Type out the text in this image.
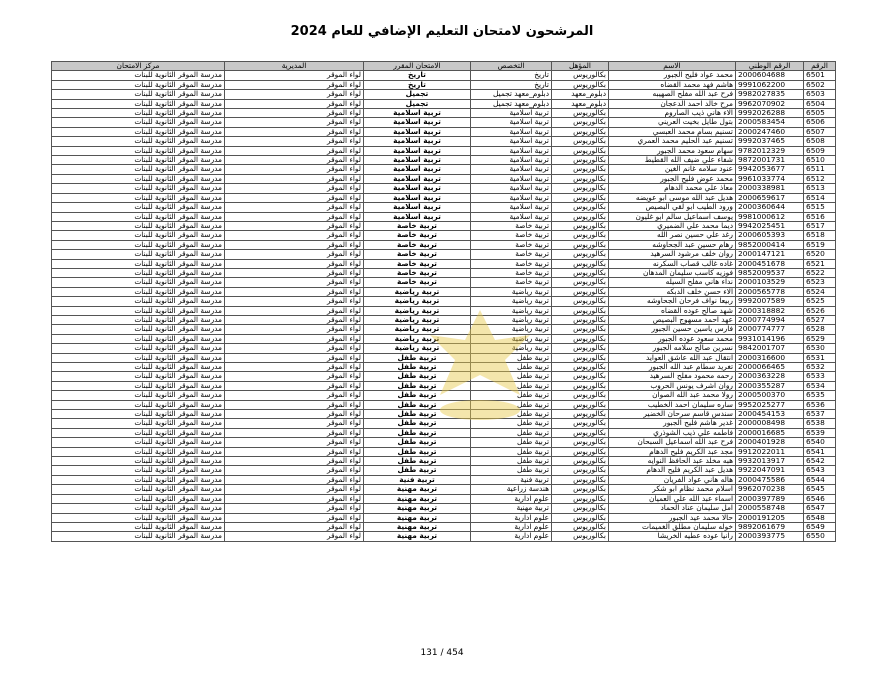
المرشحون لامتحان التعليم الإضافي للعام 2024
الرقم	الرقم الوطني	الاسم	المؤهل	التخصص	الامتحان المقرر	المديرية	مركز الامتحان
6501	2000604688	محمد عواد فليح الجبور	بكالوريوس	تاريخ	تاريخ	لواء الموقر	مدرسة الموقر الثانوية للبنات
6502	9991062200	هاشم فهد محمد القضاه	بكالوريوس	تاريخ	تاريخ	لواء الموقر	مدرسة الموقر الثانوية للبنات
6503	9982027835	فرح عبد الله مفلح الصهيبه	دبلوم_معهد	دبلوم_معهد تجميل	تجميل	لواء الموقر	مدرسة الموقر الثانوية للبنات
6504	9962070902	مرح خالد احمد الدعجان	دبلوم_معهد	دبلوم_معهد تجميل	تجميل	لواء الموقر	مدرسة الموقر الثانوية للبنات
6505	9992026288	الاء هاني ذيب الصاروم	بكالوريوس	تربية اسلامية	تربية اسلامية	لواء الموقر	مدرسة الموقر الثانوية للبنات
6506	2000583454	بتول طايل بخيت العريني	بكالوريوس	تربية اسلامية	تربية اسلامية	لواء الموقر	مدرسة الموقر الثانوية للبنات
6507	2000247460	تسنيم بسام محمد العبسي	بكالوريوس	تربية اسلامية	تربية اسلامية	لواء الموقر	مدرسة الموقر الثانوية للبنات
6508	9992037465	تسنيم عبد الحليم محمد العمري	بكالوريوس	تربية اسلامية	تربية اسلامية	لواء الموقر	مدرسة الموقر الثانوية للبنات
6509	9782012329	سهام سعود محمد الجبور	بكالوريوس	تربية اسلامية	تربية اسلامية	لواء الموقر	مدرسة الموقر الثانوية للبنات
6510	9872001731	شفاء علي ضيف الله القطيط	بكالوريوس	تربية اسلامية	تربية اسلامية	لواء الموقر	مدرسة الموقر الثانوية للبنات
6511	9942053677	عنود سلامه غانم الغين	بكالوريوس	تربية اسلامية	تربية اسلامية	لواء الموقر	مدرسة الموقر الثانوية للبنات
6512	9961033774	محمد عوض فليح الجبور	بكالوريوس	تربية اسلامية	تربية اسلامية	لواء الموقر	مدرسة الموقر الثانوية للبنات
6513	2000338981	معاذ علي محمد الدهام	بكالوريوس	تربية اسلامية	تربية اسلامية	لواء الموقر	مدرسة الموقر الثانوية للبنات
6514	2000659617	هديل عبد الله موسى ابو عويضه	بكالوريوس	تربية اسلامية	تربية اسلامية	لواء الموقر	مدرسة الموقر الثانوية للبنات
6515	2000360644	ورود الطيب ابو لقي البصيص	بكالوريوس	تربية اسلامية	تربية اسلامية	لواء الموقر	مدرسة الموقر الثانوية للبنات
6516	9981000612	يوسف اسماعيل سالم ابو غليون	بكالوريوس	تربية اسلامية	تربية اسلامية	لواء الموقر	مدرسة الموقر الثانوية للبنات
6517	9942025451	ديما محمد علي الضميري	بكالوريوس	تربية خاصة	تربية خاصة	لواء الموقر	مدرسة الموقر الثانوية للبنات
6518	2000605393	رغد علي حسين نصر الله	بكالوريوس	تربية خاصة	تربية خاصة	لواء الموقر	مدرسة الموقر الثانوية للبنات
6519	9852000414	رهام حسين عبد الجحاوشه	بكالوريوس	تربية خاصة	تربية خاصة	لواء الموقر	مدرسة الموقر الثانوية للبنات
6520	2000147121	روان خلف مرشود السرهيد	بكالوريوس	تربية خاصة	تربية خاصة	لواء الموقر	مدرسة الموقر الثانوية للبنات
6521	2000451678	غاده غالب قصاب السكرنه	بكالوريوس	تربية خاصة	تربية خاصة	لواء الموقر	مدرسة الموقر الثانوية للبنات
6522	9852009537	فوزيه كاسب سليمان المدهان	بكالوريوس	تربية خاصة	تربية خاصة	لواء الموقر	مدرسة الموقر الثانوية للبنات
6523	2000103529	نداء هاني مفلح السيله	بكالوريوس	تربية خاصة	تربية خاصة	لواء الموقر	مدرسة الموقر الثانوية للبنات
6524	2000565778	الاء حسن خلف الدبكه	بكالوريوس	تربية رياضية	تربية رياضية	لواء الموقر	مدرسة الموقر الثانوية للبنات
6525	9992007589	ربيعا نواف فرحان الجحاوشه	بكالوريوس	تربية رياضية	تربية رياضية	لواء الموقر	مدرسة الموقر الثانوية للبنات
6526	2000318882	شهد صالح عوده القضاه	بكالوريوس	تربية رياضية	تربية رياضية	لواء الموقر	مدرسة الموقر الثانوية للبنات
6527	2000774994	عهد احمد مسهوج البصيص	بكالوريوس	تربية رياضية	تربية رياضية	لواء الموقر	مدرسة الموقر الثانوية للبنات
6528	2000774777	فارس ياسين حسين الجبور	بكالوريوس	تربية رياضية	تربية رياضية	لواء الموقر	مدرسة الموقر الثانوية للبنات
6529	9931014196	محمد سعود عوده الجبور	بكالوريوس	تربية رياضية	تربية رياضية	لواء الموقر	مدرسة الموقر الثانوية للبنات
6530	9842001707	نسرين صالح سلامه الجبور	بكالوريوس	تربية رياضية	تربية رياضية	لواء الموقر	مدرسة الموقر الثانوية للبنات
6531	2000316600	انتقال عبد الله عاشق العوايد	بكالوريوس	تربية طفل	تربية طفل	لواء الموقر	مدرسة الموقر الثانوية للبنات
6532	2000066465	تغريد سطام عبد الله الجبور	بكالوريوس	تربية طفل	تربية طفل	لواء الموقر	مدرسة الموقر الثانوية للبنات
6533	2000363228	رحمه محمود مفلح السرهيد	بكالوريوس	تربية طفل	تربية طفل	لواء الموقر	مدرسة الموقر الثانوية للبنات
6534	2000355287	روان اشرف يونس الحروب	بكالوريوس	تربية طفل	تربية طفل	لواء الموقر	مدرسة الموقر الثانوية للبنات
6535	2000500370	رولا محمد عبد الله الصوان	بكالوريوس	تربية طفل	تربية طفل	لواء الموقر	مدرسة الموقر الثانوية للبنات
6536	9952025277	ساره سليمان احمد الخطيب	بكالوريوس	تربية طفل	تربية طفل	لواء الموقر	مدرسة الموقر الثانوية للبنات
6537	2000454153	سندس قاسم سرحان الخضير	بكالوريوس	تربية طفل	تربية طفل	لواء الموقر	مدرسة الموقر الثانوية للبنات
6538	2000008498	غدير هاشم فليح الجبور	بكالوريوس	تربية طفل	تربية طفل	لواء الموقر	مدرسة الموقر الثانوية للبنات
6539	2000016685	فاطمه علي ذيب الشوذري	بكالوريوس	تربية طفل	تربية طفل	لواء الموقر	مدرسة الموقر الثانوية للبنات
6540	2000401928	فرح عبد الله اسماعيل السبحان	بكالوريوس	تربية طفل	تربية طفل	لواء الموقر	مدرسة الموقر الثانوية للبنات
6541	9912022011	مجد عبد الكريم فليح الدهام	بكالوريوس	تربية طفل	تربية طفل	لواء الموقر	مدرسة الموقر الثانوية للبنات
6542	9932013917	هبه مخلد عبد الحافظ النوايه	بكالوريوس	تربية طفل	تربية طفل	لواء الموقر	مدرسة الموقر الثانوية للبنات
6543	9922047091	هديل عبد الكريم فليح الدهام	بكالوريوس	تربية طفل	تربية طفل	لواء الموقر	مدرسة الموقر الثانوية للبنات
6544	2000475586	هاله هاني عواد الفريان	بكالوريوس	تربية فنية	تربية فنية	لواء الموقر	مدرسة الموقر الثانوية للبنات
6545	9962070238	اسلام محمد نظام ابو شكر	بكالوريوس	هندسة زراعية	تربية مهنية	لواء الموقر	مدرسة الموقر الثانوية للبنات
6546	2000397789	اسماء عبد الله علي العميان	بكالوريوس	علوم ادارية	تربية مهنية	لواء الموقر	مدرسة الموقر الثانوية للبنات
6547	2000558748	امل سليمان عناد الحماد	بكالوريوس	تربية مهنية	تربية مهنية	لواء الموقر	مدرسة الموقر الثانوية للبنات
6548	2000191205	حالا محمد عيد الجبور	بكالوريوس	علوم ادارية	تربية مهنية	لواء الموقر	مدرسة الموقر الثانوية للبنات
6549	9892061679	خوله سليمان مطلق الغميمات	بكالوريوس	علوم ادارية	تربية مهنية	لواء الموقر	مدرسة الموقر الثانوية للبنات
6550	2000393775	رانيا عوده عطيه الخريشا	بكالوريوس	علوم ادارية	تربية مهنية	لواء الموقر	مدرسة الموقر الثانوية للبنات
131 / 454
